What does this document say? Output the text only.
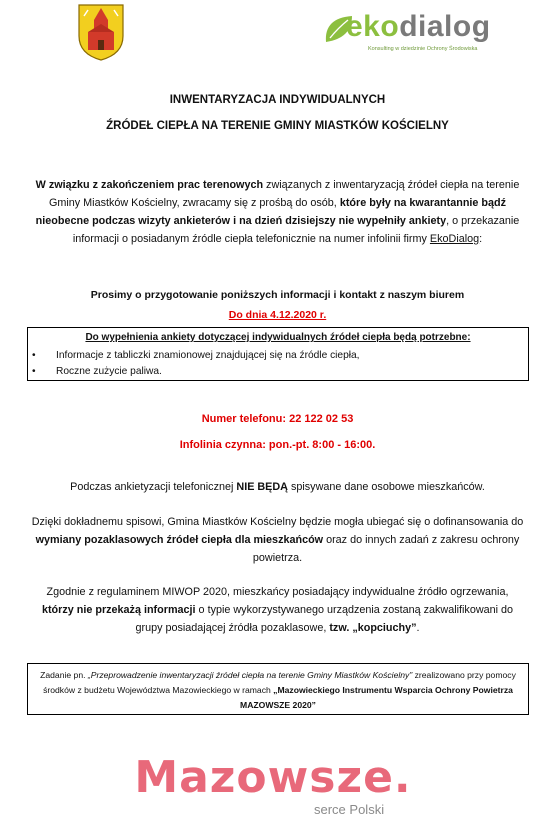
ekodialog
Konsulting w dziedzinie Ochrony Środowiska
INWENTARYZACJA INDYWIDUALNYCH
ŹRÓDEŁ CIEPŁA NA TERENIE GMINY MIASTKÓW KOŚCIELNY
W związku z zakończeniem prac terenowych związanych z inwentaryzacją źródeł ciepła na terenie Gminy Miastków Kościelny, zwracamy się z prośbą do osób, które były na kwarantannie bądź nieobecne podczas wizyty ankieterów i na dzień dzisiejszy nie wypełniły ankiety, o przekazanie informacji o posiadanym źródle ciepła telefonicznie na numer infolinii firmy EkoDialog:
Prosimy o przygotowanie poniższych informacji i kontakt z naszym biurem
Do dnia 4.12.2020 r.
Do wypełnienia ankiety dotyczącej indywidualnych źródeł ciepła będą potrzebne:
• Informacje z tabliczki znamionowej znajdującej się na źródle ciepła,
• Roczne zużycie paliwa.
Numer telefonu: 22 122 02 53
Infolinia czynna: pon.-pt. 8:00 - 16:00.
Podczas ankietyzacji telefonicznej NIE BĘDĄ spisywane dane osobowe mieszkańców.
Dzięki dokładnemu spisowi, Gmina Miastków Kościelny będzie mogła ubiegać się o dofinansowania do wymiany pozaklasowych źródeł ciepła dla mieszkańców oraz do innych zadań z zakresu ochrony powietrza.
Zgodnie z regulaminem MIWOP 2020, mieszkańcy posiadający indywidualne źródło ogrzewania, którzy nie przekażą informacji o typie wykorzystywanego urządzenia zostaną zakwalifikowani do grupy posiadającej źródła pozaklasowe, tzw. „kopciuchy”.
Zadanie pn. „Przeprowadzenie inwentaryzacji źródeł ciepła na terenie Gminy Miastków Kościelny” zrealizowano przy pomocy środków z budżetu Województwa Mazowieckiego w ramach „Mazowieckiego Instrumentu Wsparcia Ochrony Powietrza MAZOWSZE 2020”
Mazowsze.
serce Polski
